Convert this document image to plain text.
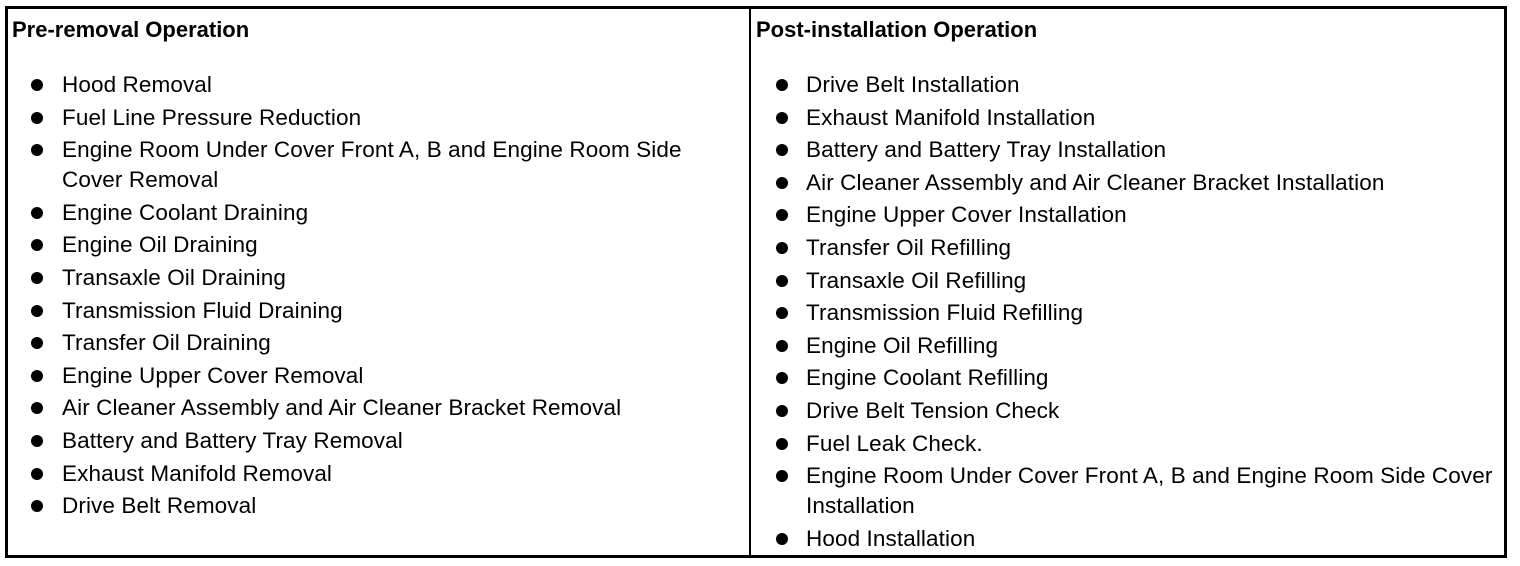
Pre-removal Operation
Hood Removal
Fuel Line Pressure Reduction
Engine Room Under Cover Front A, B and Engine Room Side Cover Removal
Engine Coolant Draining
Engine Oil Draining
Transaxle Oil Draining
Transmission Fluid Draining
Transfer Oil Draining
Engine Upper Cover Removal
Air Cleaner Assembly and Air Cleaner Bracket Removal
Battery and Battery Tray Removal
Exhaust Manifold Removal
Drive Belt Removal
Post-installation Operation
Drive Belt Installation
Exhaust Manifold Installation
Battery and Battery Tray Installation
Air Cleaner Assembly and Air Cleaner Bracket Installation
Engine Upper Cover Installation
Transfer Oil Refilling
Transaxle Oil Refilling
Transmission Fluid Refilling
Engine Oil Refilling
Engine Coolant Refilling
Drive Belt Tension Check
Fuel Leak Check.
Engine Room Under Cover Front A, B and Engine Room Side Cover Installation
Hood Installation
